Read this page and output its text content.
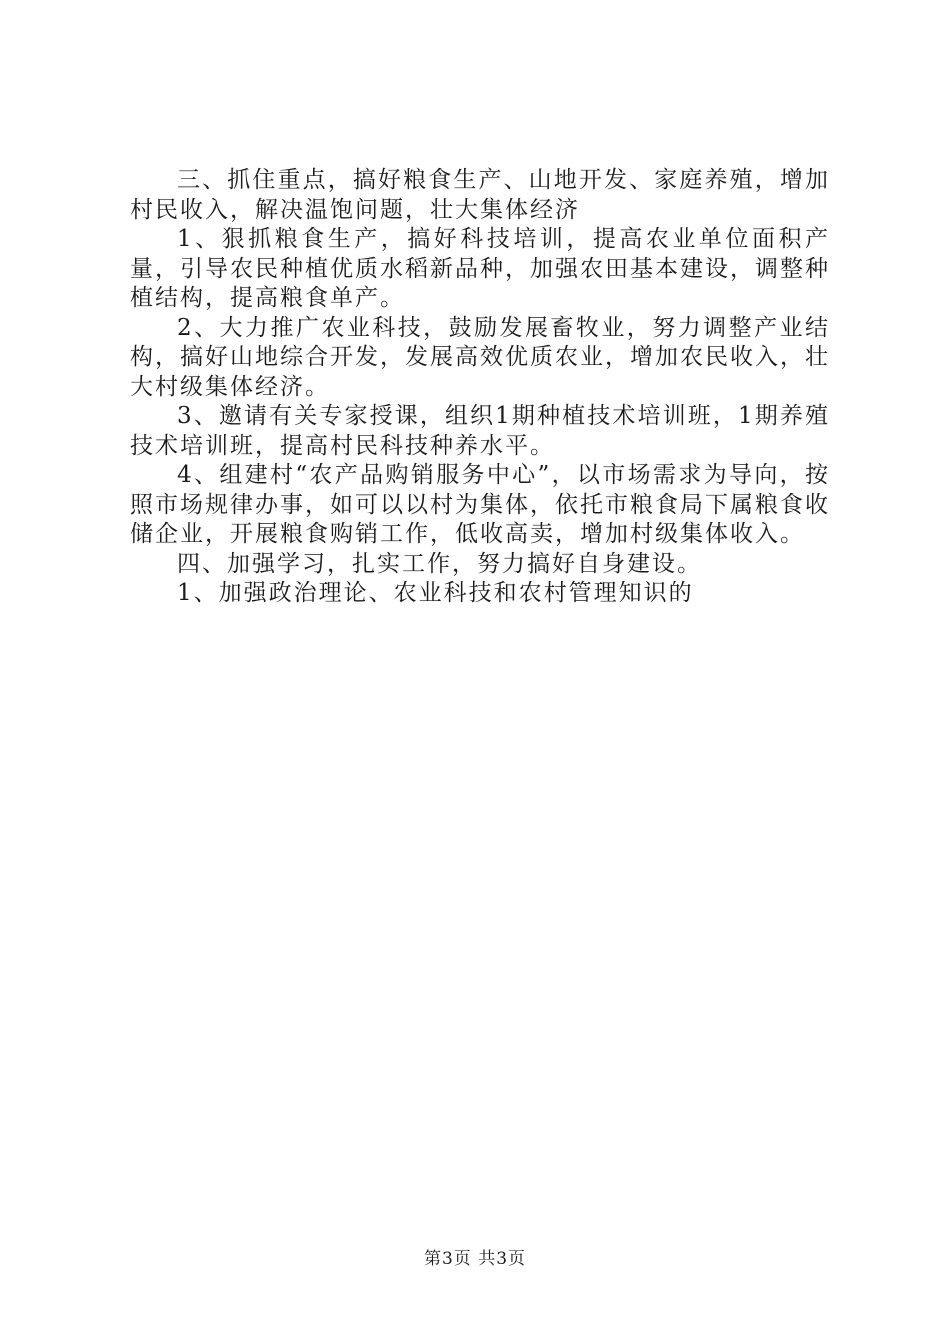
三、抓住重点，搞好粮食生产、山地开发、家庭养殖，增加村民收入，解决温饱问题，壮大集体经济

1、狠抓粮食生产，搞好科技培训，提高农业单位面积产量，引导农民种植优质水稻新品种，加强农田基本建设，调整种植结构，提高粮食单产。

2、大力推广农业科技，鼓励发展畜牧业，努力调整产业结构，搞好山地综合开发，发展高效优质农业，增加农民收入，壮大村级集体经济。

3、邀请有关专家授课，组织1期种植技术培训班，1期养殖技术培训班，提高村民科技种养水平。

4、组建村“农产品购销服务中心”，以市场需求为导向，按照市场规律办事，如可以以村为集体，依托市粮食局下属粮食收储企业，开展粮食购销工作，低收高卖，增加村级集体收入。

四、加强学习，扎实工作，努力搞好自身建设。

1、加强政治理论、农业科技和农村管理知识的

第3页 共3页
